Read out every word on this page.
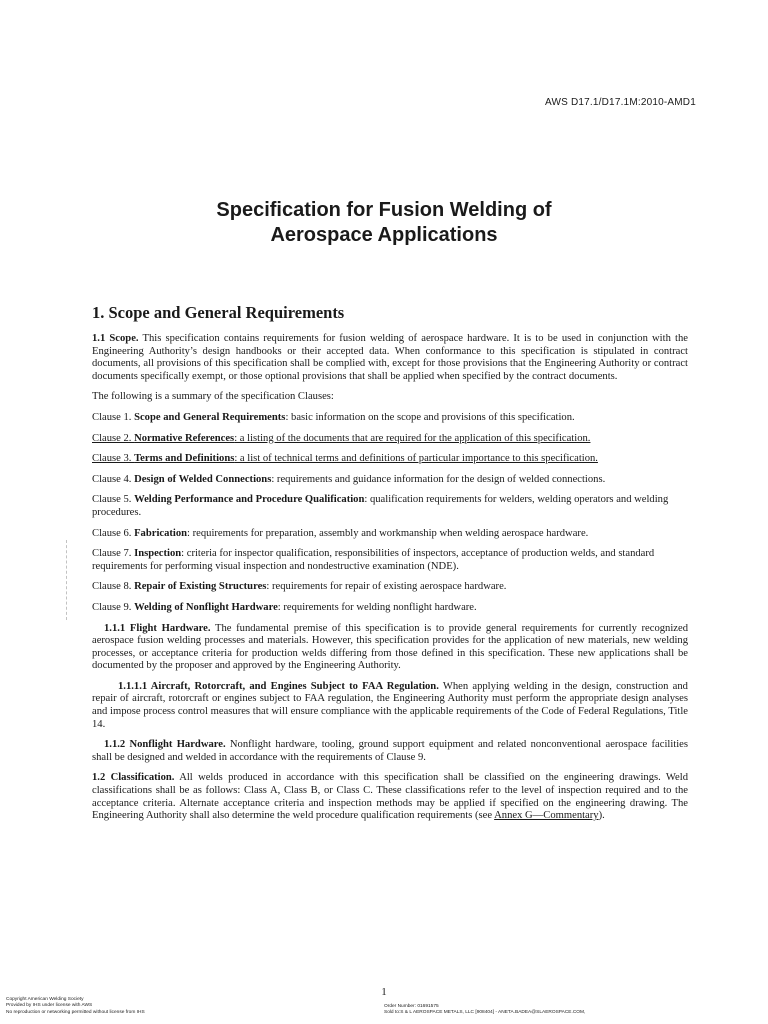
AWS D17.1/D17.1M:2010-AMD1
Specification for Fusion Welding of
Aerospace Applications
1. Scope and General Requirements

1.1 Scope. This specification contains requirements for fusion welding of aerospace hardware. It is to be used in conjunction with the Engineering Authority’s design handbooks or their accepted data. When conformance to this specification is stipulated in contract documents, all provisions of this specification shall be complied with, except for those provisions that the Engineering Authority or contract documents specifically exempt, or those optional provisions that shall be applied when specified by the contract documents.

The following is a summary of the specification Clauses:

Clause 1. Scope and General Requirements: basic information on the scope and provisions of this specification.
Clause 2. Normative References: a listing of the documents that are required for the application of this specification.
Clause 3. Terms and Definitions: a list of technical terms and definitions of particular importance to this specification.
Clause 4. Design of Welded Connections: requirements and guidance information for the design of welded connections.
Clause 5. Welding Performance and Procedure Qualification: qualification requirements for welders, welding operators and welding procedures.
Clause 6. Fabrication: requirements for preparation, assembly and workmanship when welding aerospace hardware.
Clause 7. Inspection: criteria for inspector qualification, responsibilities of inspectors, acceptance of production welds, and standard requirements for performing visual inspection and nondestructive examination (NDE).
Clause 8. Repair of Existing Structures: requirements for repair of existing aerospace hardware.
Clause 9. Welding of Nonflight Hardware: requirements for welding nonflight hardware.

1.1.1 Flight Hardware. The fundamental premise of this specification is to provide general requirements for currently recognized aerospace fusion welding processes and materials. However, this specification provides for the application of new materials, new welding processes, or acceptance criteria for production welds differing from those defined in this specification. These new applications shall be documented by the proposer and approved by the Engineering Authority.

1.1.1.1 Aircraft, Rotorcraft, and Engines Subject to FAA Regulation. When applying welding in the design, construction and repair of aircraft, rotorcraft or engines subject to FAA regulation, the Engineering Authority must perform the appropriate design analyses and impose process control measures that will ensure compliance with the applicable requirements of the Code of Federal Regulations, Title 14.

1.1.2 Nonflight Hardware. Nonflight hardware, tooling, ground support equipment and related nonconventional aerospace facilities shall be designed and welded in accordance with the requirements of Clause 9.

1.2 Classification. All welds produced in accordance with this specification shall be classified on the engineering drawings. Weld classifications shall be as follows: Class A, Class B, or Class C. These classifications refer to the level of inspection required and to the acceptance criteria. Alternate acceptance criteria and inspection methods may be applied if specified on the engineering drawing. The Engineering Authority shall also determine the weld procedure qualification requirements (see Annex G—Commentary).

1
Copyright American Welding Society
Provided by IHS under license with AWS
No reproduction or networking permitted without license from IHS
Order Number: 01691575
Sold to:S & L AEROSPACE METALS, LLC [908404] - ANETA.BADEA@SLAEROSPACE.COM,
